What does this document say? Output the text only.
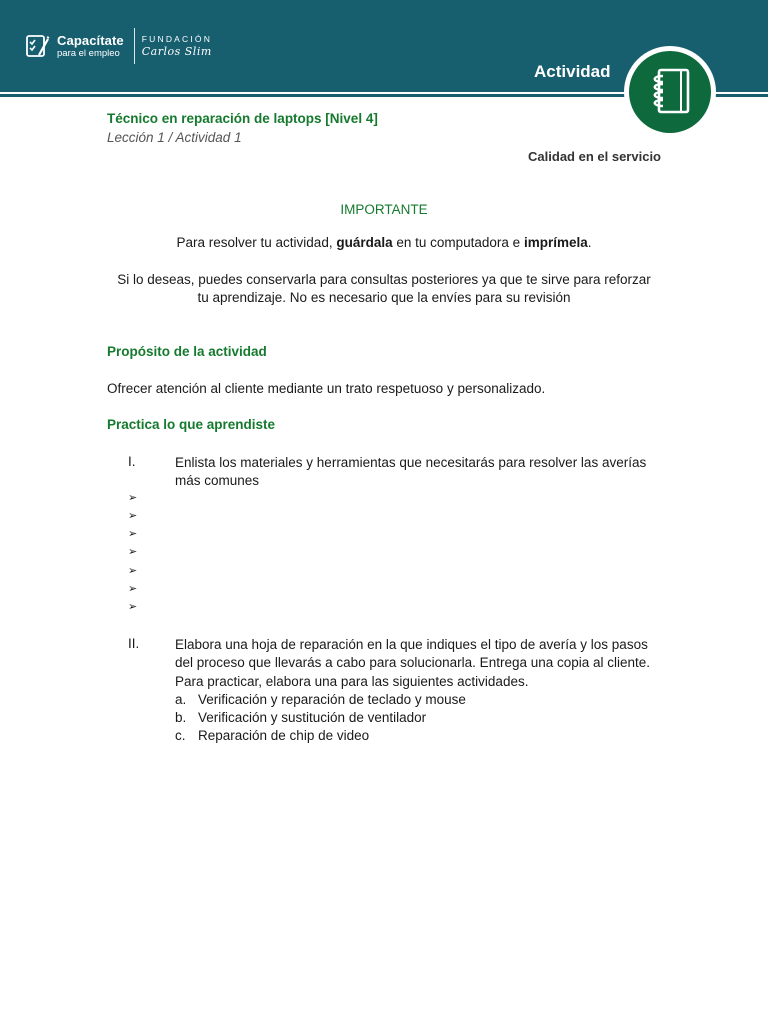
Capacítate
para el empleo
FUNDACIÓN
Carlos Slim
Actividad
Técnico en reparación de laptops [Nivel 4]
Lección 1 / Actividad 1
Calidad en el servicio
IMPORTANTE
Para resolver tu actividad, guárdala en tu computadora e imprímela.
Si lo deseas, puedes conservarla para consultas posteriores ya que te sirve para reforzar tu aprendizaje. No es necesario que la envíes para su revisión
Propósito de la actividad
Ofrecer atención al cliente mediante un trato respetuoso y personalizado.
Practica lo que aprendiste
I.	Enlista los materiales y herramientas que necesitarás para resolver las averías más comunes
➢
➢
➢
➢
➢
➢
➢
II.	Elabora una hoja de reparación en la que indiques el tipo de avería y los pasos del proceso que llevarás a cabo para solucionarla. Entrega una copia al cliente. Para practicar, elabora una para las siguientes actividades.
a. Verificación y reparación de teclado y mouse
b. Verificación y sustitución de ventilador
c. Reparación de chip de video
